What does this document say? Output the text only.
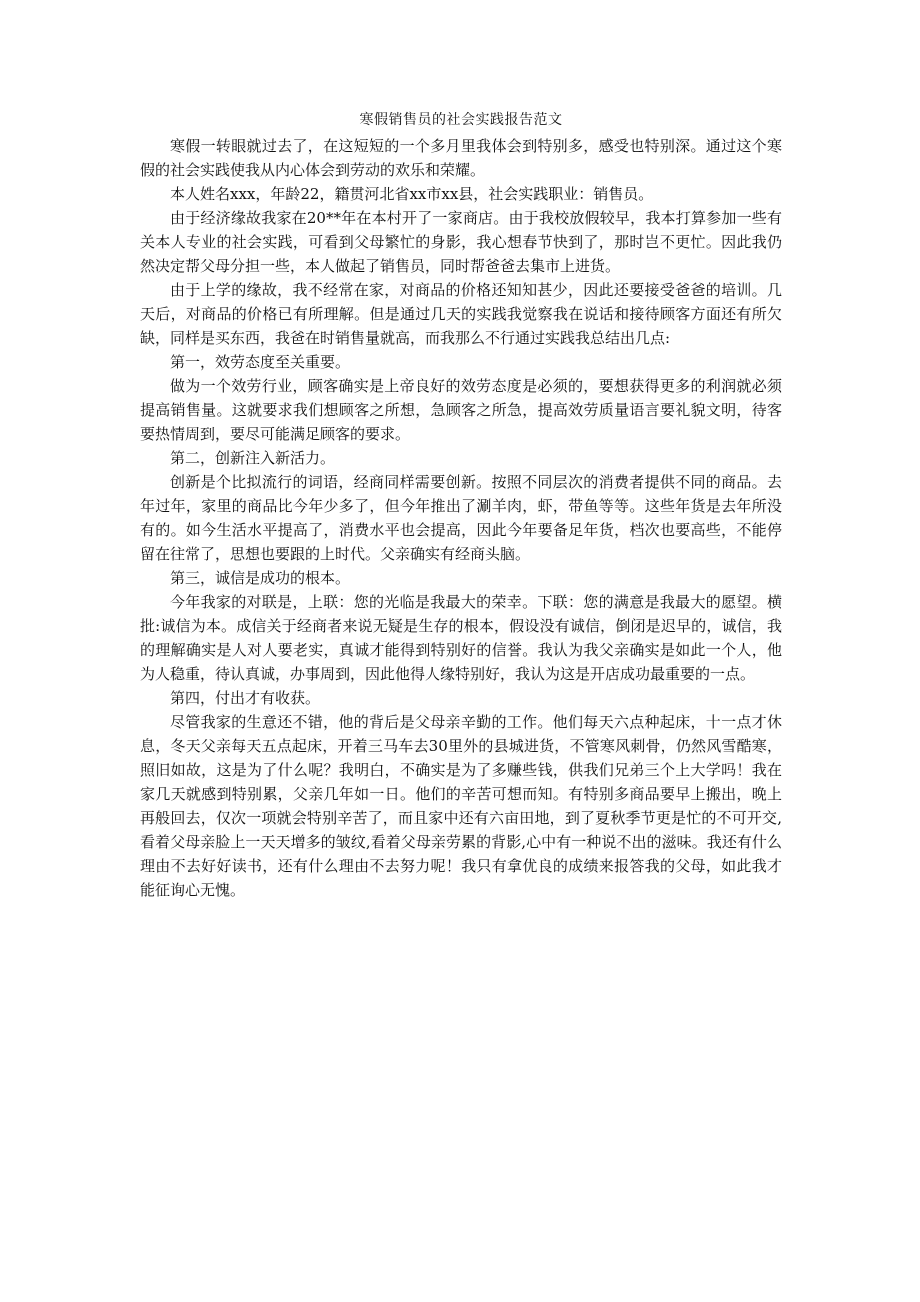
寒假销售员的社会实践报告范文

寒假一转眼就过去了，在这短短的一个多月里我体会到特别多，感受也特别深。通过这个寒假的社会实践使我从内心体会到劳动的欢乐和荣耀。

本人姓名xxx，年龄22，籍贯河北省xx市xx县，社会实践职业：销售员。

由于经济缘故我家在20**年在本村开了一家商店。由于我校放假较早，我本打算参加一些有关本人专业的社会实践，可看到父母繁忙的身影，我心想春节快到了，那时岂不更忙。因此我仍然决定帮父母分担一些，本人做起了销售员，同时帮爸爸去集市上进货。

由于上学的缘故，我不经常在家，对商品的价格还知知甚少，因此还要接受爸爸的培训。几天后，对商品的价格已有所理解。但是通过几天的实践我觉察我在说话和接待顾客方面还有所欠缺，同样是买东西，我爸在时销售量就高，而我那么不行通过实践我总结出几点:

第一，效劳态度至关重要。

做为一个效劳行业，顾客确实是上帝良好的效劳态度是必须的，要想获得更多的利润就必须提高销售量。这就要求我们想顾客之所想，急顾客之所急，提高效劳质量语言要礼貌文明，待客要热情周到，要尽可能满足顾客的要求。

第二，创新注入新活力。

创新是个比拟流行的词语，经商同样需要创新。按照不同层次的消费者提供不同的商品。去年过年，家里的商品比今年少多了，但今年推出了涮羊肉，虾，带鱼等等。这些年货是去年所没有的。如今生活水平提高了，消费水平也会提高，因此今年要备足年货，档次也要高些，不能停留在往常了，思想也要跟的上时代。父亲确实有经商头脑。

第三，诚信是成功的根本。

今年我家的对联是，上联：您的光临是我最大的荣幸。下联：您的满意是我最大的愿望。横批:诚信为本。成信关于经商者来说无疑是生存的根本，假设没有诚信，倒闭是迟早的，诚信，我的理解确实是人对人要老实，真诚才能得到特别好的信誉。我认为我父亲确实是如此一个人，他为人稳重，待认真诚，办事周到，因此他得人缘特别好，我认为这是开店成功最重要的一点。

第四，付出才有收获。

尽管我家的生意还不错，他的背后是父母亲辛勤的工作。他们每天六点种起床，十一点才休息，冬天父亲每天五点起床，开着三马车去30里外的县城进货，不管寒风刺骨，仍然风雪酷寒，照旧如故，这是为了什么呢？我明白，不确实是为了多赚些钱，供我们兄弟三个上大学吗！我在家几天就感到特别累，父亲几年如一日。他们的辛苦可想而知。有特别多商品要早上搬出，晚上再般回去，仅次一项就会特别辛苦了，而且家中还有六亩田地，到了夏秋季节更是忙的不可开交,看着父母亲脸上一天天增多的皱纹,看着父母亲劳累的背影,心中有一种说不出的滋味。我还有什么理由不去好好读书，还有什么理由不去努力呢！我只有拿优良的成绩来报答我的父母，如此我才能征询心无愧。
